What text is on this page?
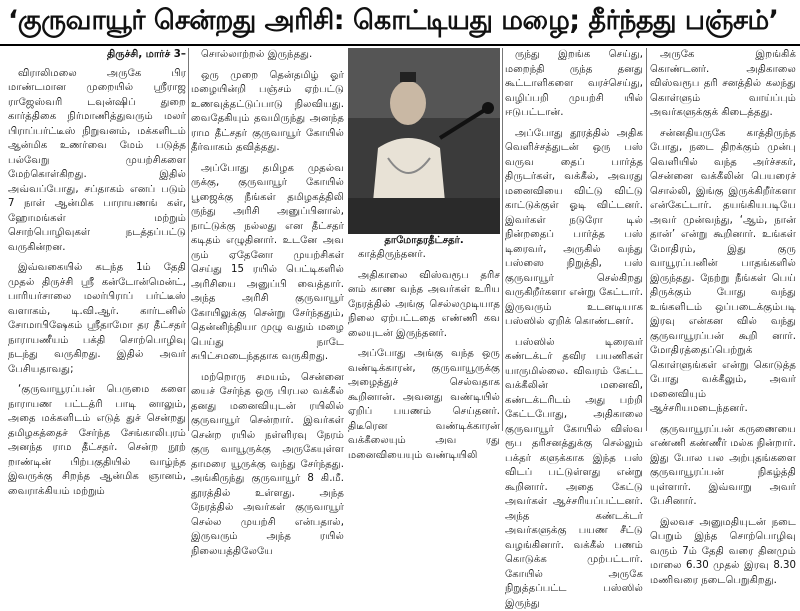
‘குருவாயூர் சென்றது அரிசி: கொட்டியது மழை; தீர்ந்தது பஞ்சம்’
திருச்சி, மார்ச் 3–

விராலிமலை அருகே பிர மாண்டமான முறையில் ஸ்ரீராஜ ராஜேஸ்வரி டவுன்ஷிப் துறை கார்த்திகை நிர்மாணித்துவரும் மலர் பிராப்பர்ட்டீஸ் நிறுவனம், மக்களிடம் ஆன்மிக உணர்வை மேம் படுத்த பல்வேறு முயற்சிகளை மேற்கொள்கிறது. இதில் அவ்வப்போது, சப்தாகம் எனப் படும் 7 நாள் ஆன்மிக பாராயணங் கள், ஹோமங்கள் மற்றும் சொற்பொழிவுகள் நடத்தப்பட்டு வருகின்றன.

இவ்வகையில் கடந்த 1ம் தேதி முதல் திருச்சி ஸ்ரீ கன்டோன்மென்ட், பாரியர்சாலை மலர்பிராப் பர்ட்டீஸ் வளாகம், டி.வி.ஆர். கார்டனில் சோமாபிஷேகம் ஸ்ரீதாமோ தர தீட்சதர் நாராயணீயம் பக்தி சொற்பொழிவு நடந்து வருகிறது. இதில் அவர் பேசியதாவது;

‘குருவாயூரப்பன் பெருமை களை நாராயண பட்டத்ரி பாடி னாலும், அதை மக்களிடம் எடுத் துச் சென்றது தமிழகத்தைச் சேர்ந்த சேங்காலிபுரம் அனந்த ராம தீட்சதர். சென்ற நூற் றாண்டின் பிற்பகுதியில் வாழ்ந்த இவருக்கு சிறந்த ஆன்மிக ஞானம், வைராக்கியம் மற்றும்

சொல்லாற்றல் இருந்தது.

ஒரு முறை தென்தமிழ் ஓர் மழையின்றி பஞ்சம் ஏற்பட்டு உணவுத்தட்டுப்பாடு நிலவியது. வைதேகியும் தவமிருந்து அனந்த ராம தீட்சதர் குருவாயூர் கோயில் தீர்வாகம் தவித்தது.

அப்போது தமிழக முதல்வ ருக்கு, குருவாயூர் கோயில் பூஜைக்கு நீங்கள் தமிழகத்திலி ருந்து அரிசி அனுப்பினால், நாட்டுக்கு நல்லது என தீட்சதர் கடிதம் எழுதினார். உடனே அவ ரும் ஏதேனோ முயற்சிகள் செய்து 15 ரயில் பெட்டிகளில் அரிசியை அனுப்பி வைத்தார். அந்த அரிசி குருவாயூர் கோயிலுக்கு சென்று சேர்ந்ததும், தென்னிந்தியா முழு வதும் மழை பெய்து நாடே சுபிட்சமடைந்ததாக வருகிறது.

மற்றொரு சமயம், சென்னை யைச் சேர்ந்த ஒரு பிரபல வக்கீல் தனது மனைவியுடன் ரயிலில் குருவாயூர் சென்றார். இவர்கள் சென்ற ரயில் நள்ளிரவு நேரம் குரு வாயூருக்கு அருகேயுள்ள தாமரை யூருக்கு வந்து சேர்ந்தது. அங்கிருந்து குருவாயூர் 8 கி.மீ. தூரத்தில் உள்ளது. அந்த நேரத்தில் அவர்கள் குருவாயூர் செல்ல முயற்சி என்பதால், இருவரும் அந்த ரயில் நிலையத்திலேயே

தாமோதரதீட்சதர்.

காத்திருந்தனர்.

அதிகாலை விஸ்வரூப தரிச னம் காண வந்த அவர்கள் உரிய நேரத்தில் அங்கு செல்லமுடியாத நிலை ஏற்பட்டதை எண்ணி கவ லையுடன் இருந்தனர்.

அப்போது அங்கு வந்த ஒரு வண்டிக்காரன், குருவாயூருக்கு அழைத்துச் செல்வதாக கூறினான். அவனது வண்டியில் ஏறிப் பயணம் செய்தனர். திடீரென வண்டிக்காரன் வக்கீலையும் அவ ரது மனைவியையும் வண்டியிலி

ருந்து இறங்க செய்து, மறைந்தி ருந்த தனது கூட்டாளிகளை வரச்செய்து, வழிப்பறி முயற்சி யில் ஈடுபட்டான்.

அப்போது தூரத்தில் அதிக வெளிச்சத்துடன் ஒரு பஸ் வருவ தைப் பார்த்த திருடர்கள், வக்கீல், அவரது மனைவியை விட்டு விட்டு காட்டுக்குள் ஓடி விட்டனர். இவர்கள் நடுரோ டில் நின்றதைப் பார்த்த பஸ் டிரைவர், அருகில் வந்து பஸ்ஸை நிறுத்தி, பஸ் குருவாயூர் செல்கிறது வருகிறீர்களா என்று கேட்டார். இருவரும் உடனடியாக பஸ்ஸில் ஏறிக் கொண்டனர்.

பஸ்ஸில் டிரைவர் கண்டக்டர் தவிர பயணிகள் யாருமில்லை. விவரம் கேட்ட வக்கீலின் மனைவி, கண்டக்டரிடம் அது பற்றி கேட்டபோது, அதிகாலை குருவாயூர் கோயில் விஸ்வ ரூப தரிசனத்துக்கு செல்லும் பக்தர் களுக்காக இந்த பஸ் விடப் பட்டுள்ளது என்று கூறினார். அதை கேட்டு அவர்கள் ஆச்சரியப்பட்டனர். அந்த கண்டக்டர் அவர்களுக்கு பயண சீட்டு வழங்கினார். வக்கீல் பணம் கொடுக்க முற்பட்டார். கோயில் அருகே நிறுத்தப்பட்ட பஸ்ஸில் இருந்து

அருகே இறங்கிக் கொண்டனர். அதிகாலை விஸ்வரூப தரி சனத்தில் கலந்து கொள்ளும் வாய்ப்பும் அவர்களுக்குக் கிடைத்தது.

சன்னதியருகே காத்திருந்த போது, நடை திறக்கும் முன்பு வெளியில் வந்த அர்ச்சகர், சென்னை வக்கீலின் பெயரைச் சொல்லி, இங்கு இருக்கிறீர்களா என்கேட்டார். தயங்கியபடியே அவர் முன்வந்து, ‘ஆம், நான் தான்’ என்று கூறினார். உங்கள் மோதிரம், இது குரு வாயூரப்பனின் பாதங்களில் இருந்தது. நேற்று நீங்கள் பெய் திருக்கும் போது வந்து உங்களிடம் ஒப்படைக்கும்படி இரவு என்கன வில் வந்து குருவாயூரப்பன் கூறி னார். மோதிரத்தைப்பெற்றுக் கொள்ளுங்கள் என்று கொடுத்த போது வக்கீலும், அவர் மனைவியும் ஆச்சரியமடைந்தனர்.

குருவாயூரப்பன் கருணையை எண்ணி கண்ணீர் மல்க நின்றார். இது போல பல அற்புதங்களை குருவாயூரப்பன் நிகழ்த்தி யுள்ளார். இவ்வாறு அவர் பேசினார்.

இலவச அனுமதியுடன் நடை பெறும் இந்த சொற்பொழிவு வரும் 7ம் தேதி வரை தினமும் மாலை 6.30 முதல் இரவு 8.30 மணிவரை நடைபெறுகிறது.
